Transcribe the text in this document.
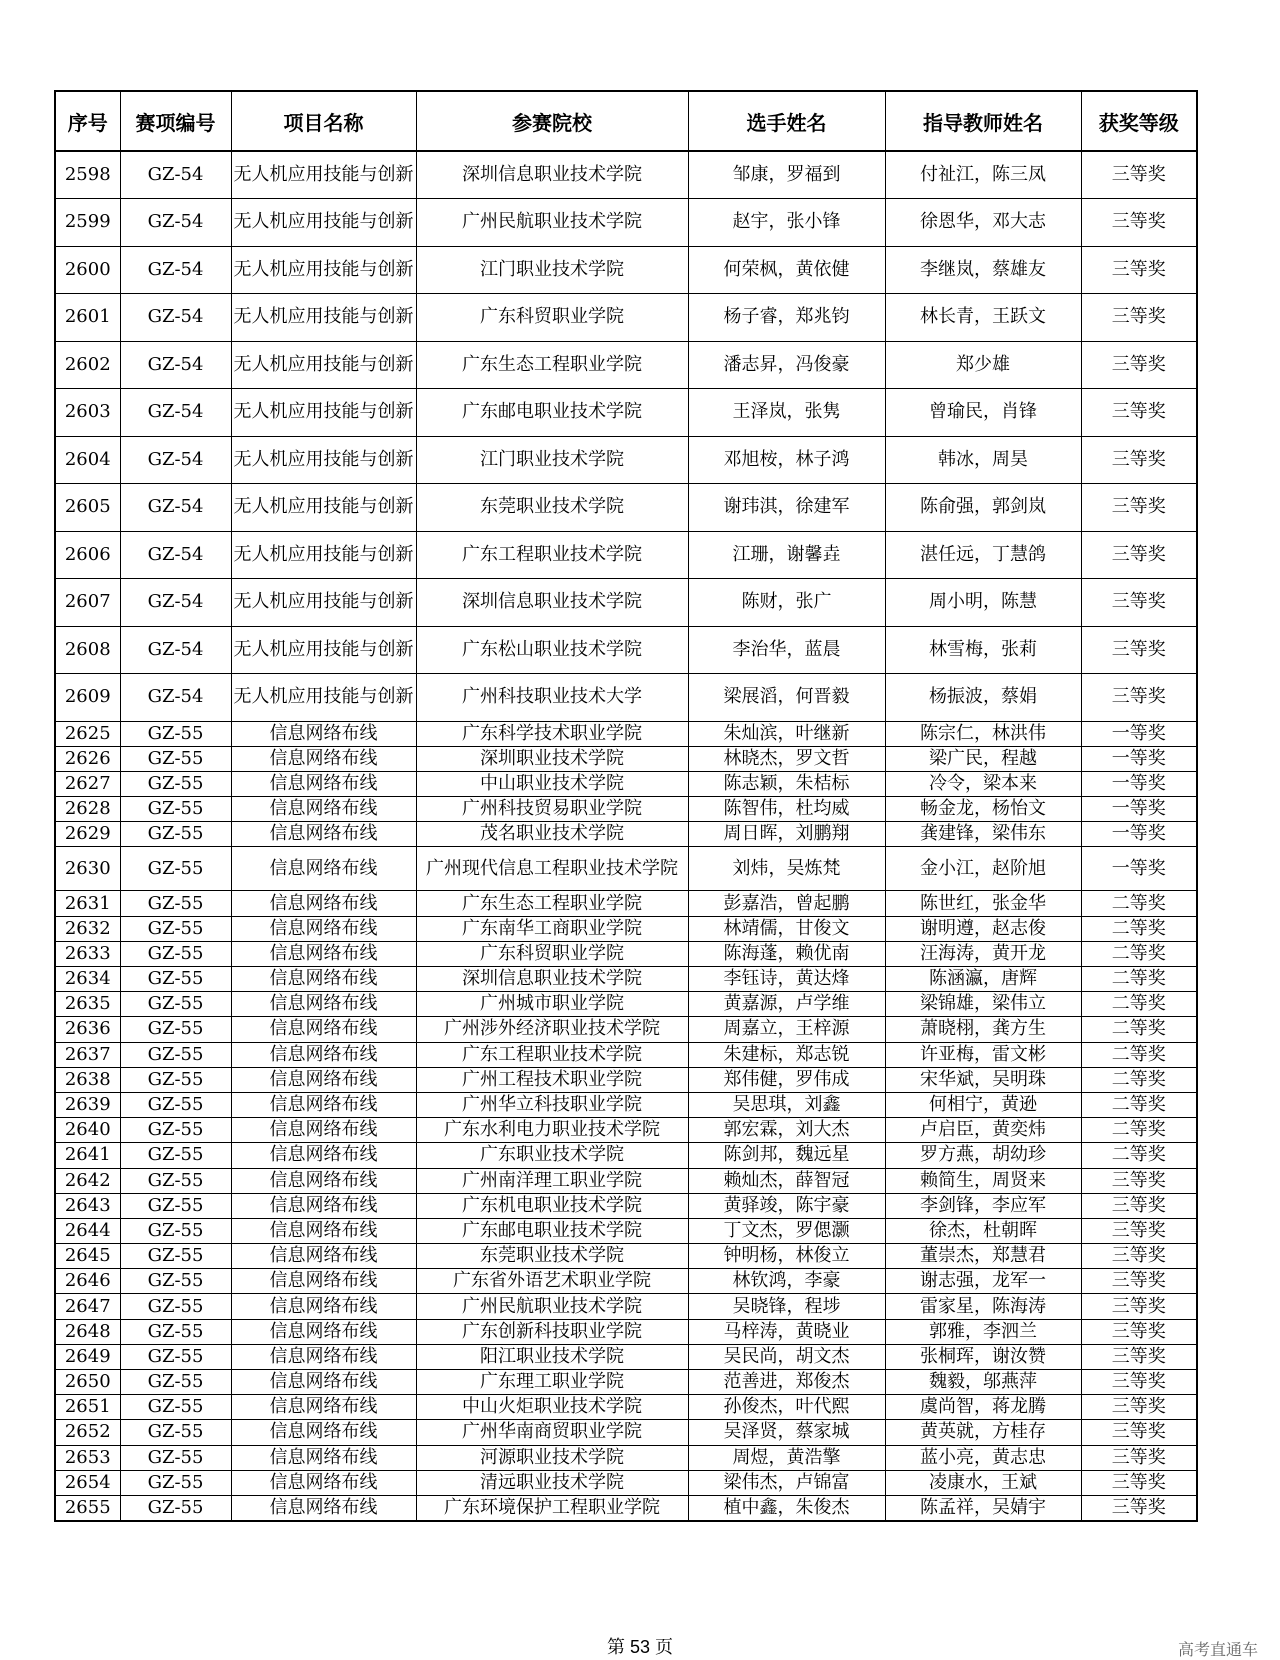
序号	赛项编号	项目名称	参赛院校	选手姓名	指导教师姓名	获奖等级
2598	GZ-54	无人机应用技能与创新	深圳信息职业技术学院	邹康，罗福到	付祉江，陈三凤	三等奖
2599	GZ-54	无人机应用技能与创新	广州民航职业技术学院	赵宇，张小锋	徐恩华，邓大志	三等奖
2600	GZ-54	无人机应用技能与创新	江门职业技术学院	何荣枫，黄依健	李继岚，蔡雄友	三等奖
2601	GZ-54	无人机应用技能与创新	广东科贸职业学院	杨子睿，郑兆钧	林长青，王跃文	三等奖
2602	GZ-54	无人机应用技能与创新	广东生态工程职业学院	潘志昇，冯俊豪	郑少雄	三等奖
2603	GZ-54	无人机应用技能与创新	广东邮电职业技术学院	王泽岚，张隽	曾瑜民，肖锋	三等奖
2604	GZ-54	无人机应用技能与创新	江门职业技术学院	邓旭桉，林子鸿	韩冰，周昊	三等奖
2605	GZ-54	无人机应用技能与创新	东莞职业技术学院	谢玮淇，徐建军	陈俞强，郭剑岚	三等奖
2606	GZ-54	无人机应用技能与创新	广东工程职业技术学院	江珊，谢馨垚	湛任远，丁慧鸽	三等奖
2607	GZ-54	无人机应用技能与创新	深圳信息职业技术学院	陈财，张广	周小明，陈慧	三等奖
2608	GZ-54	无人机应用技能与创新	广东松山职业技术学院	李治华，蓝晨	林雪梅，张莉	三等奖
2609	GZ-54	无人机应用技能与创新	广州科技职业技术大学	梁展滔，何晋毅	杨振波，蔡娟	三等奖
2625	GZ-55	信息网络布线	广东科学技术职业学院	朱灿滨，叶继新	陈宗仁，林洪伟	一等奖
2626	GZ-55	信息网络布线	深圳职业技术学院	林晓杰，罗文哲	梁广民，程越	一等奖
2627	GZ-55	信息网络布线	中山职业技术学院	陈志颖，朱桔标	冷令，梁本来	一等奖
2628	GZ-55	信息网络布线	广州科技贸易职业学院	陈智伟，杜均威	畅金龙，杨怡文	一等奖
2629	GZ-55	信息网络布线	茂名职业技术学院	周日晖，刘鹏翔	龚建锋，梁伟东	一等奖
2630	GZ-55	信息网络布线	广州现代信息工程职业技术学院	刘炜，吴炼梵	金小江，赵阶旭	一等奖
2631	GZ-55	信息网络布线	广东生态工程职业学院	彭嘉浩，曾起鹏	陈世红，张金华	二等奖
2632	GZ-55	信息网络布线	广东南华工商职业学院	林靖儒，甘俊文	谢明遵，赵志俊	二等奖
2633	GZ-55	信息网络布线	广东科贸职业学院	陈海蓬，赖优南	汪海涛，黄开龙	二等奖
2634	GZ-55	信息网络布线	深圳信息职业技术学院	李钰诗，黄达烽	陈涵瀛，唐辉	二等奖
2635	GZ-55	信息网络布线	广州城市职业学院	黄嘉源，卢学维	梁锦雄，梁伟立	二等奖
2636	GZ-55	信息网络布线	广州涉外经济职业技术学院	周嘉立，王梓源	萧晓栩，龚方生	二等奖
2637	GZ-55	信息网络布线	广东工程职业技术学院	朱建标，郑志锐	许亚梅，雷文彬	二等奖
2638	GZ-55	信息网络布线	广州工程技术职业学院	郑伟健，罗伟成	宋华斌，吴明珠	二等奖
2639	GZ-55	信息网络布线	广州华立科技职业学院	吴思琪，刘鑫	何相宁，黄逊	二等奖
2640	GZ-55	信息网络布线	广东水利电力职业技术学院	郭宏霖，刘大杰	卢启臣，黄奕炜	二等奖
2641	GZ-55	信息网络布线	广东职业技术学院	陈剑邦，魏远星	罗方燕，胡幼珍	二等奖
2642	GZ-55	信息网络布线	广州南洋理工职业学院	赖灿杰，薛智冠	赖简生，周贤来	三等奖
2643	GZ-55	信息网络布线	广东机电职业技术学院	黄驿竣，陈宇豪	李剑锋，李应军	三等奖
2644	GZ-55	信息网络布线	广东邮电职业技术学院	丁文杰，罗偲灏	徐杰，杜朝晖	三等奖
2645	GZ-55	信息网络布线	东莞职业技术学院	钟明杨，林俊立	董崇杰，郑慧君	三等奖
2646	GZ-55	信息网络布线	广东省外语艺术职业学院	林钦鸿，李豪	谢志强，龙军一	三等奖
2647	GZ-55	信息网络布线	广州民航职业技术学院	吴晓锋，程埗	雷家星，陈海涛	三等奖
2648	GZ-55	信息网络布线	广东创新科技职业学院	马梓涛，黄晓业	郭雅，李泗兰	三等奖
2649	GZ-55	信息网络布线	阳江职业技术学院	吴民尚，胡文杰	张桐珲，谢汝赞	三等奖
2650	GZ-55	信息网络布线	广东理工职业学院	范善进，郑俊杰	魏毅，邬燕萍	三等奖
2651	GZ-55	信息网络布线	中山火炬职业技术学院	孙俊杰，叶代熙	虞尚智，蒋龙腾	三等奖
2652	GZ-55	信息网络布线	广州华南商贸职业学院	吴泽贤，蔡家城	黄英就，方桂存	三等奖
2653	GZ-55	信息网络布线	河源职业技术学院	周煜，黄浩擎	蓝小亮，黄志忠	三等奖
2654	GZ-55	信息网络布线	清远职业技术学院	梁伟杰，卢锦富	凌康水，王斌	三等奖
2655	GZ-55	信息网络布线	广东环境保护工程职业学院	植中鑫，朱俊杰	陈孟祥，吴婧宇	三等奖
第 53 页	高考直通车
